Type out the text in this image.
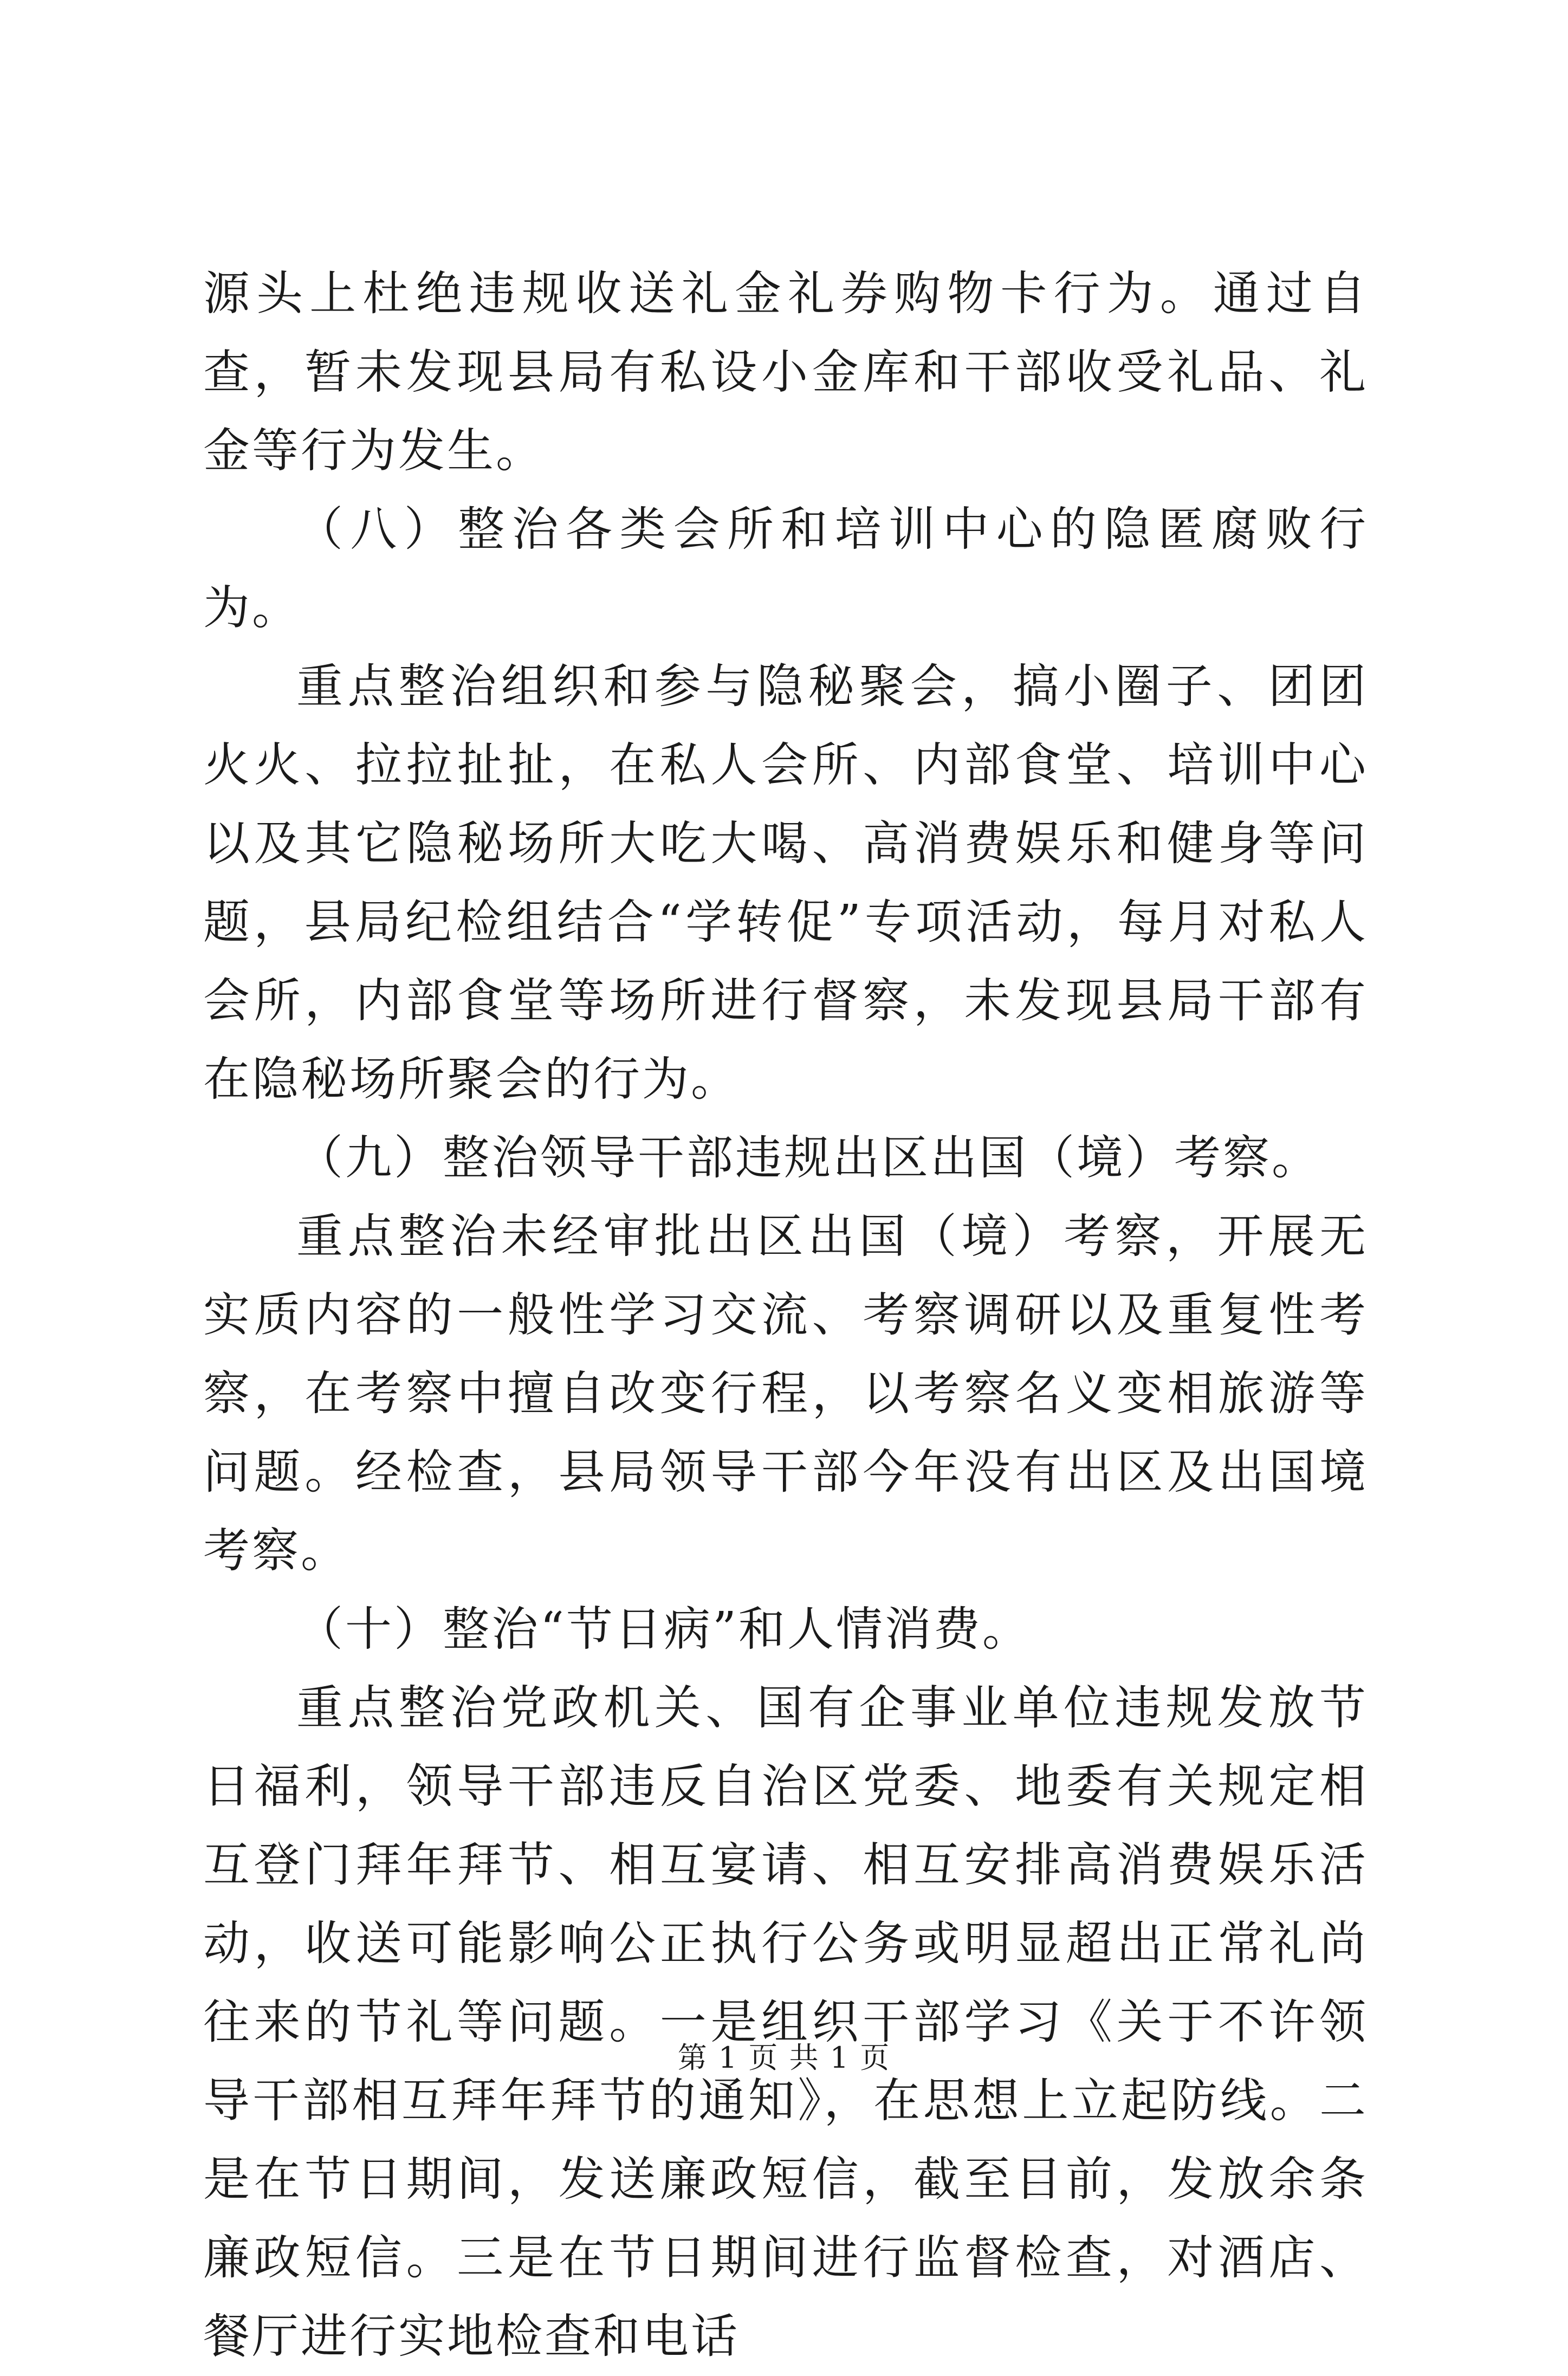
源头上杜绝违规收送礼金礼券购物卡行为。通过自查，暂未发现县局有私设小金库和干部收受礼品、礼金等行为发生。

（八）整治各类会所和培训中心的隐匿腐败行为。

重点整治组织和参与隐秘聚会，搞小圈子、团团火火、拉拉扯扯，在私人会所、内部食堂、培训中心以及其它隐秘场所大吃大喝、高消费娱乐和健身等问题，县局纪检组结合“学转促”专项活动，每月对私人会所，内部食堂等场所进行督察，未发现县局干部有在隐秘场所聚会的行为。

（九）整治领导干部违规出区出国（境）考察。

重点整治未经审批出区出国（境）考察，开展无实质内容的一般性学习交流、考察调研以及重复性考察，在考察中擅自改变行程，以考察名义变相旅游等问题。经检查，县局领导干部今年没有出区及出国境考察。

（十）整治“节日病”和人情消费。

重点整治党政机关、国有企事业单位违规发放节日福利，领导干部违反自治区党委、地委有关规定相互登门拜年拜节、相互宴请、相互安排高消费娱乐活动，收送可能影响公正执行公务或明显超出正常礼尚往来的节礼等问题。一是组织干部学习《关于不许领导干部相互拜年拜节的通知》，在思想上立起防线。二是在节日期间，发送廉政短信，截至目前，发放余条廉政短信。三是在节日期间进行监督检查，对酒店、餐厅进行实地检查和电话

第 1 页 共 1 页
